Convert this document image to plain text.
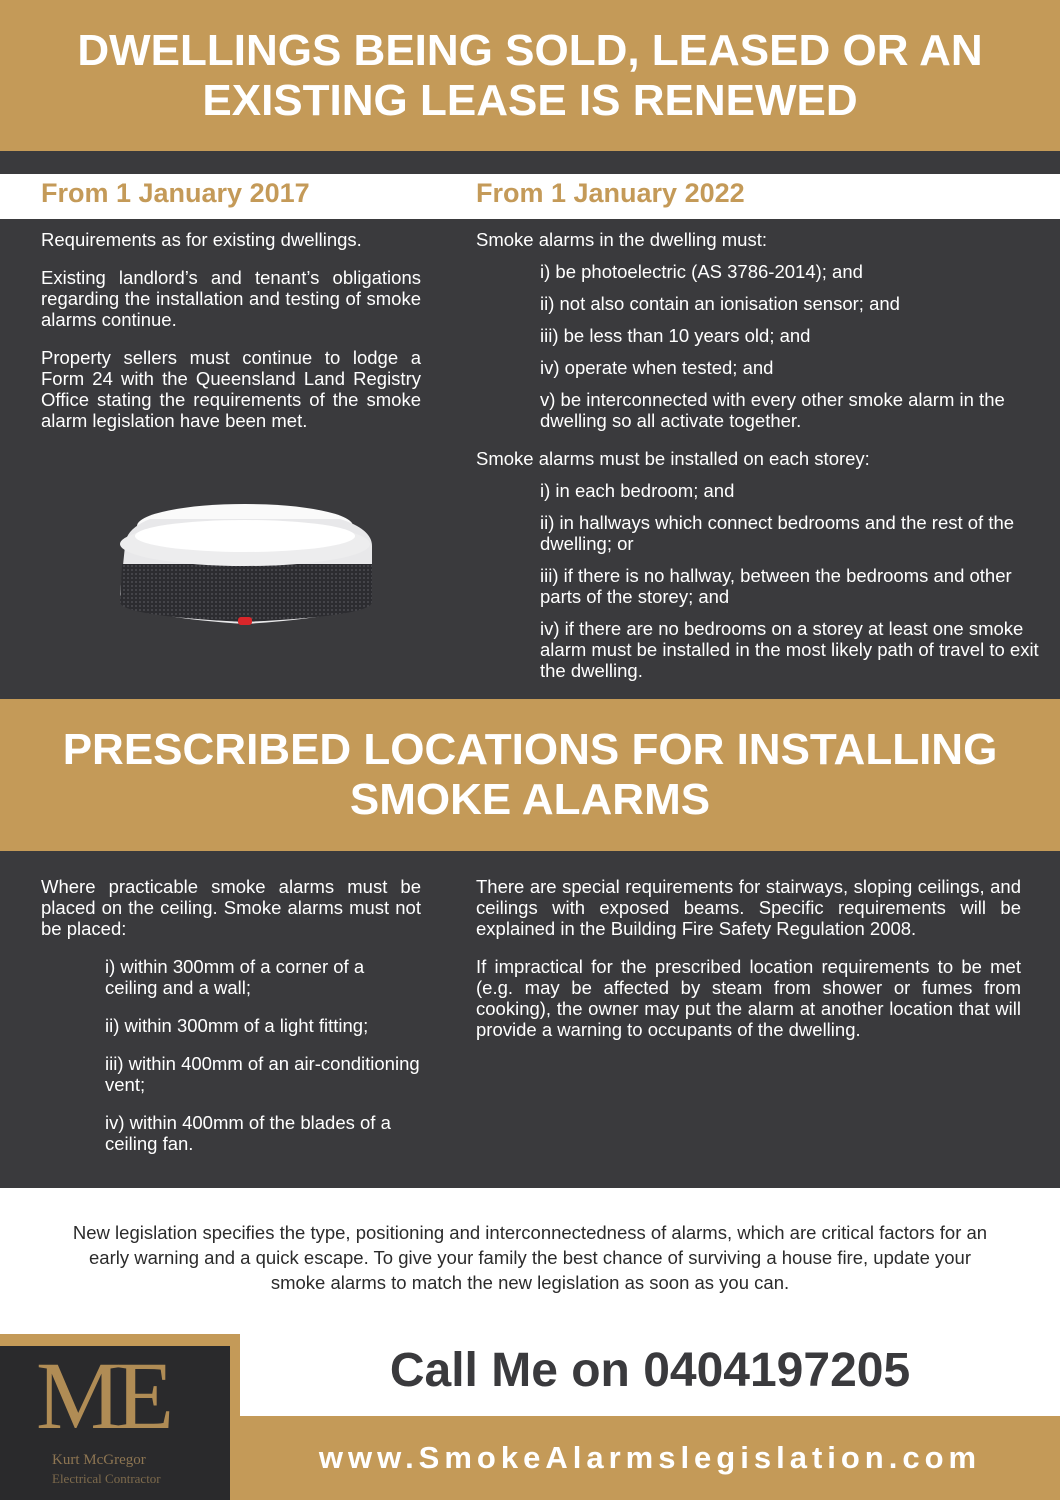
DWELLINGS BEING SOLD, LEASED OR AN EXISTING LEASE IS RENEWED
From 1 January 2017	From 1 January 2022

Requirements as for existing dwellings.

Existing landlord’s and tenant’s obligations regarding the installation and testing of smoke alarms continue.

Property sellers must continue to lodge a Form 24 with the Queensland Land Registry Office stating the requirements of the smoke alarm legislation have been met.

Smoke alarms in the dwelling must:

i) be photoelectric (AS 3786-2014); and

ii) not also contain an ionisation sensor; and

iii) be less than 10 years old; and

iv) operate when tested; and

v) be interconnected with every other smoke alarm in the dwelling so all activate together.

Smoke alarms must be installed on each storey:

i) in each bedroom; and

ii) in hallways which connect bedrooms and the rest of the dwelling; or

iii) if there is no hallway, between the bedrooms and other parts of the storey; and

iv) if there are no bedrooms on a storey at least one smoke alarm must be installed in the most likely path of travel to exit the dwelling.

PRESCRIBED LOCATIONS FOR INSTALLING SMOKE ALARMS

Where practicable smoke alarms must be placed on the ceiling. Smoke alarms must not be placed:

i) within 300mm of a corner of a ceiling and a wall;

ii) within 300mm of a light fitting;

iii) within 400mm of an air-conditioning vent;

iv) within 400mm of the blades of a ceiling fan.

There are special requirements for stairways, sloping ceilings, and ceilings with exposed beams. Specific requirements will be explained in the Building Fire Safety Regulation 2008.

If impractical for the prescribed location requirements to be met (e.g. may be affected by steam from shower or fumes from cooking), the owner may put the alarm at another location that will provide a warning to occupants of the dwelling.

New legislation specifies the type, positioning and interconnectedness of alarms, which are critical factors for an early warning and a quick escape. To give your family the best chance of surviving a house fire, update your smoke alarms to match the new legislation as soon as you can.
ME
Kurt McGregor
Electrical Contractor
Call Me on 0404197205
www.SmokeAlarmslegislation.com
